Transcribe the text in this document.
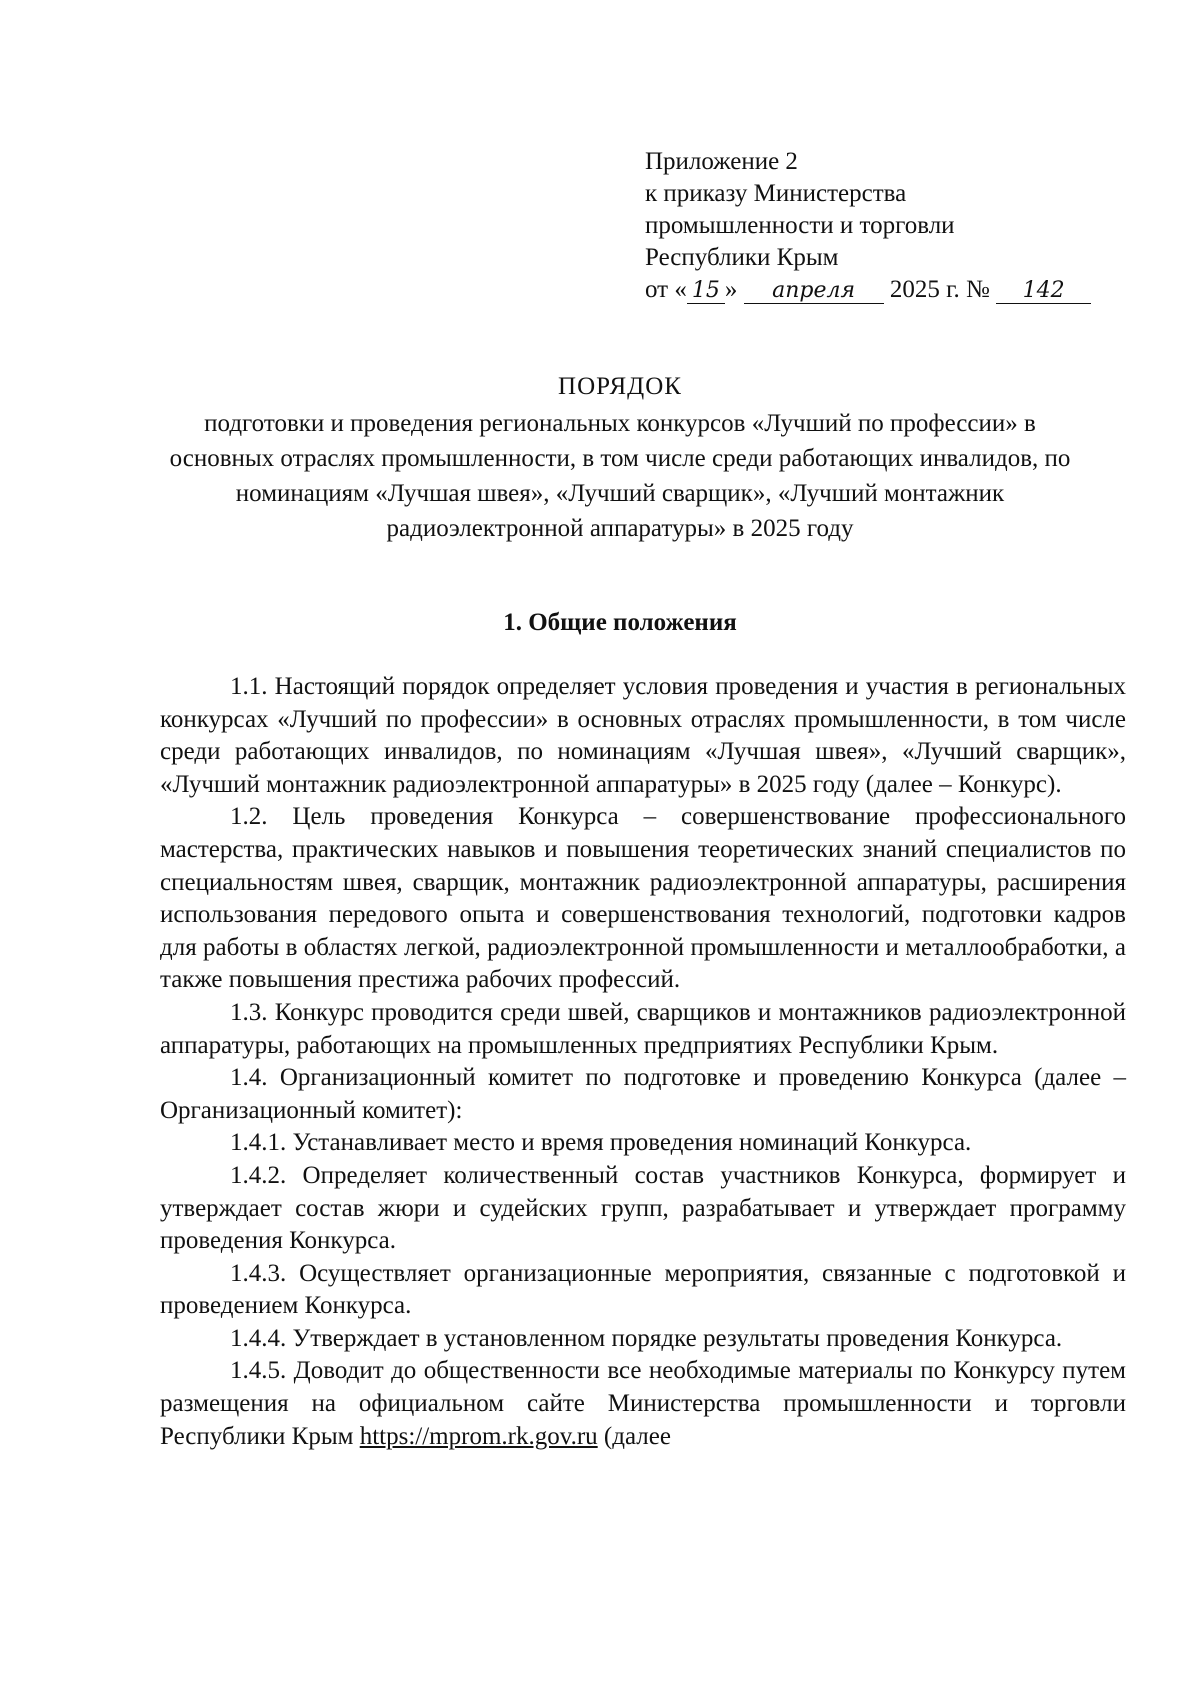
Приложение 2
к приказу Министерства
промышленности и торговли
Республики Крым
от « 15 » апреля 2025 г. № 142
ПОРЯДОК
подготовки и проведения региональных конкурсов «Лучший по профессии» в основных отраслях промышленности, в том числе среди работающих инвалидов, по номинациям «Лучшая швея», «Лучший сварщик», «Лучший монтажник радиоэлектронной аппаратуры» в 2025 году
1. Общие положения

1.1. Настоящий порядок определяет условия проведения и участия в региональных конкурсах «Лучший по профессии» в основных отраслях промышленности, в том числе среди работающих инвалидов, по номинациям «Лучшая швея», «Лучший сварщик», «Лучший монтажник радиоэлектронной аппаратуры» в 2025 году (далее – Конкурс).

1.2. Цель проведения Конкурса – совершенствование профессионального мастерства, практических навыков и повышения теоретических знаний специалистов по специальностям швея, сварщик, монтажник радиоэлектронной аппаратуры, расширения использования передового опыта и совершенствования технологий, подготовки кадров для работы в областях легкой, радиоэлектронной промышленности и металлообработки, а также повышения престижа рабочих профессий.

1.3. Конкурс проводится среди швей, сварщиков и монтажников радиоэлектронной аппаратуры, работающих на промышленных предприятиях Республики Крым.

1.4. Организационный комитет по подготовке и проведению Конкурса (далее – Организационный комитет):

1.4.1. Устанавливает место и время проведения номинаций Конкурса.

1.4.2. Определяет количественный состав участников Конкурса, формирует и утверждает состав жюри и судейских групп, разрабатывает и утверждает программу проведения Конкурса.

1.4.3. Осуществляет организационные мероприятия, связанные с подготовкой и проведением Конкурса.

1.4.4. Утверждает в установленном порядке результаты проведения Конкурса.

1.4.5. Доводит до общественности все необходимые материалы по Конкурсу путем размещения на официальном сайте Министерства промышленности и торговли Республики Крым https://mprom.rk.gov.ru (далее
